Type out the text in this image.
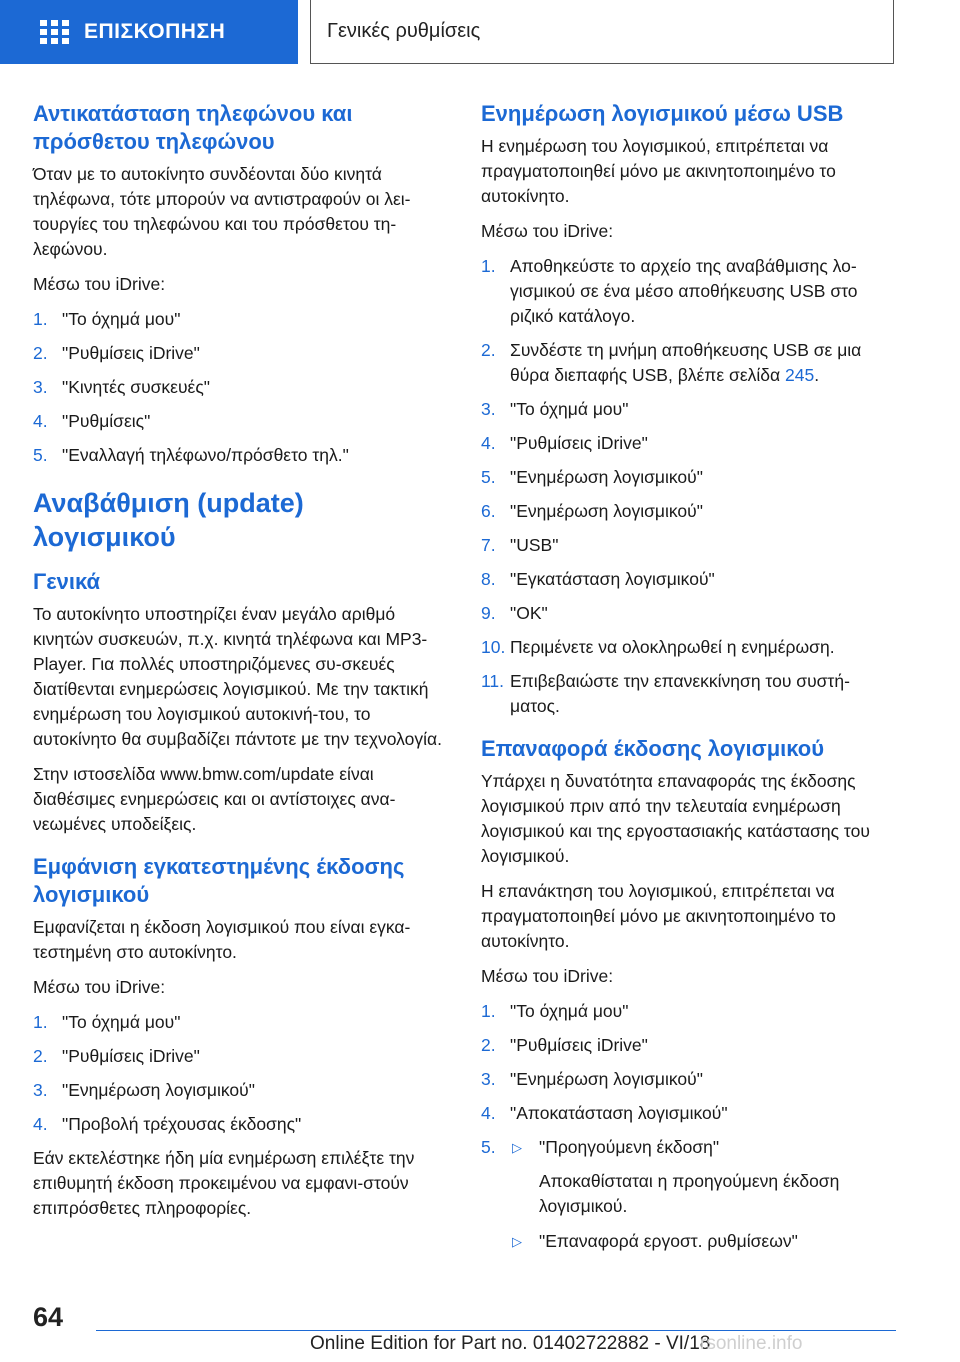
ΕΠΙΣΚΟΠΗΣΗ	Γενικές ρυθμίσεις
Αντικατάσταση τηλεφώνου και πρόσθετου τηλεφώνου

Όταν με το αυτοκίνητο συνδέονται δύο κινητά τηλέφωνα, τότε μπορούν να αντιστραφούν οι λει-τουργίες του τηλεφώνου και του πρόσθετου τη-λεφώνου.

Μέσω του iDrive:

1. "Το όχημά μου"
2. "Ρυθμίσεις iDrive"
3. "Κινητές συσκευές"
4. "Ρυθμίσεις"
5. "Εναλλαγή τηλέφωνο/πρόσθετο τηλ."
Αναβάθμιση (update) λογισμικού
Γενικά

Το αυτοκίνητο υποστηρίζει έναν μεγάλο αριθμό κινητών συσκευών, π.χ. κινητά τηλέφωνα και MP3-Player. Για πολλές υποστηριζόμενες συ-σκευές διατίθενται ενημερώσεις λογισμικού. Με την τακτική ενημέρωση του λογισμικού αυτοκινή-του, το αυτοκίνητο θα συμβαδίζει πάντοτε με την τεχνολογία.

Στην ιστοσελίδα www.bmw.com/update είναι διαθέσιμες ενημερώσεις και οι αντίστοιχες ανα-νεωμένες υποδείξεις.

Εμφάνιση εγκατεστημένης έκδοσης λογισμικού

Εμφανίζεται η έκδοση λογισμικού που είναι εγκα-τεστημένη στο αυτοκίνητο.

Μέσω του iDrive:

1. "Το όχημά μου"
2. "Ρυθμίσεις iDrive"
3. "Ενημέρωση λογισμικού"
4. "Προβολή τρέχουσας έκδοσης"

Εάν εκτελέστηκε ήδη μία ενημέρωση επιλέξτε την επιθυμητή έκδοση προκειμένου να εμφανι-στούν επιπρόσθετες πληροφορίες.

Ενημέρωση λογισμικού μέσω USB

Η ενημέρωση του λογισμικού, επιτρέπεται να πραγματοποιηθεί μόνο με ακινητοποιημένο το αυτοκίνητο.

Μέσω του iDrive:

1. Αποθηκεύστε το αρχείο της αναβάθμισης λο-γισμικού σε ένα μέσο αποθήκευσης USB στο ριζικό κατάλογο.
2. Συνδέστε τη μνήμη αποθήκευσης USB σε μια θύρα διεπαφής USB, βλέπε σελίδα 245.
3. "Το όχημά μου"
4. "Ρυθμίσεις iDrive"
5. "Ενημέρωση λογισμικού"
6. "Ενημέρωση λογισμικού"
7. "USB"
8. "Εγκατάσταση λογισμικού"
9. "OK"
10. Περιμένετε να ολοκληρωθεί η ενημέρωση.
11. Επιβεβαιώστε την επανεκκίνηση του συστή-ματος.
Επαναφορά έκδοσης λογισμικού

Υπάρχει η δυνατότητα επαναφοράς της έκδοσης λογισμικού πριν από την τελευταία ενημέρωση λογισμικού και της εργοστασιακής κατάστασης του λογισμικού.

Η επανάκτηση του λογισμικού, επιτρέπεται να πραγματοποιηθεί μόνο με ακινητοποιημένο το αυτοκίνητο.

Μέσω του iDrive:

1. "Το όχημά μου"
2. "Ρυθμίσεις iDrive"
3. "Ενημέρωση λογισμικού"
4. "Αποκατάσταση λογισμικού"
5. ▷ "Προηγούμενη έκδοση"
Αποκαθίσταται η προηγούμενη έκδοση λογισμικού.
▷ "Επαναφορά εργοστ. ρυθμίσεων"
64
Online Edition for Part no. 01402722882 - VI/18
rsonline.info
